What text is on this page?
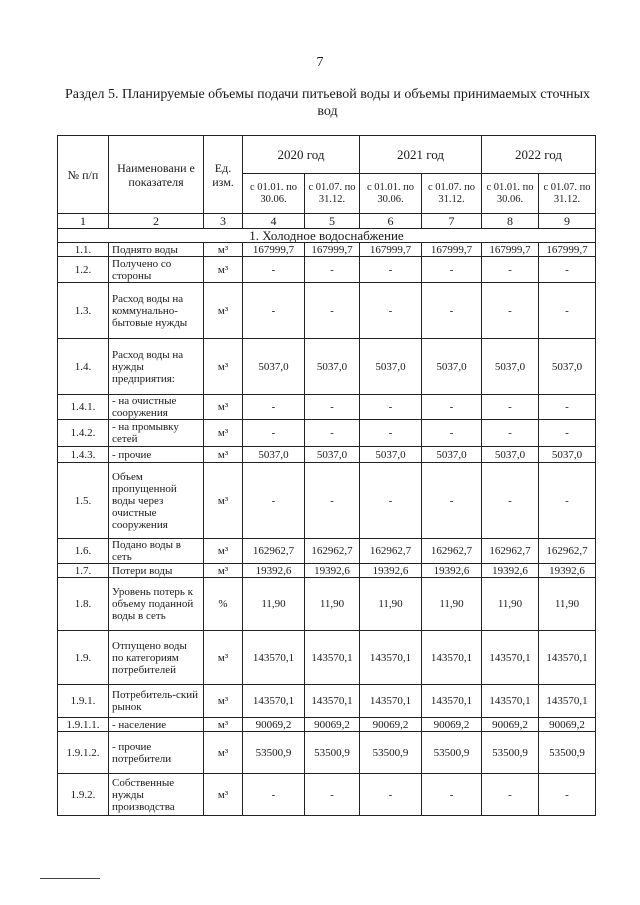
7
Раздел 5. Планируемые объемы подачи питьевой воды и объемы принимаемых сточных вод
№ п/п	Наименовани е показателя	Ед. изм.	2020 год		2021 год		2022 год	
			с 01.01. по 30.06.	с 01.07. по 31.12.	с 01.01. по 30.06.	с 01.07. по 31.12.	с 01.01. по 30.06.	с 01.07. по 31.12.
1	2	3	4	5	6	7	8	9
1. Холодное водоснабжение								
1.1.	Поднято воды	м³	167999,7	167999,7	167999,7	167999,7	167999,7	167999,7
1.2.	Получено со стороны	м³	-	-	-	-	-	-
1.3.	Расход воды на коммунально-бытовые нужды	м³	-	-	-	-	-	-
1.4.	Расход воды на нужды предприятия:	м³	5037,0	5037,0	5037,0	5037,0	5037,0	5037,0
1.4.1.	- на очистные сооружения	м³	-	-	-	-	-	-
1.4.2.	- на промывку сетей	м³	-	-	-	-	-	-
1.4.3.	- прочие	м³	5037,0	5037,0	5037,0	5037,0	5037,0	5037,0
1.5.	Объем пропущенной воды через очистные сооружения	м³	-	-	-	-	-	-
1.6.	Подано воды в сеть	м³	162962,7	162962,7	162962,7	162962,7	162962,7	162962,7
1.7.	Потери воды	м³	19392,6	19392,6	19392,6	19392,6	19392,6	19392,6
1.8.	Уровень потерь к объему поданной воды в сеть	%	11,90	11,90	11,90	11,90	11,90	11,90
1.9.	Отпущено воды по категориям потребителей	м³	143570,1	143570,1	143570,1	143570,1	143570,1	143570,1
1.9.1.	Потребитель-ский рынок	м³	143570,1	143570,1	143570,1	143570,1	143570,1	143570,1
1.9.1.1.	- население	м³	90069,2	90069,2	90069,2	90069,2	90069,2	90069,2
1.9.1.2.	- прочие потребители	м³	53500,9	53500,9	53500,9	53500,9	53500,9	53500,9
1.9.2.	Собственные нужды производства	м³	-	-	-	-	-	-
